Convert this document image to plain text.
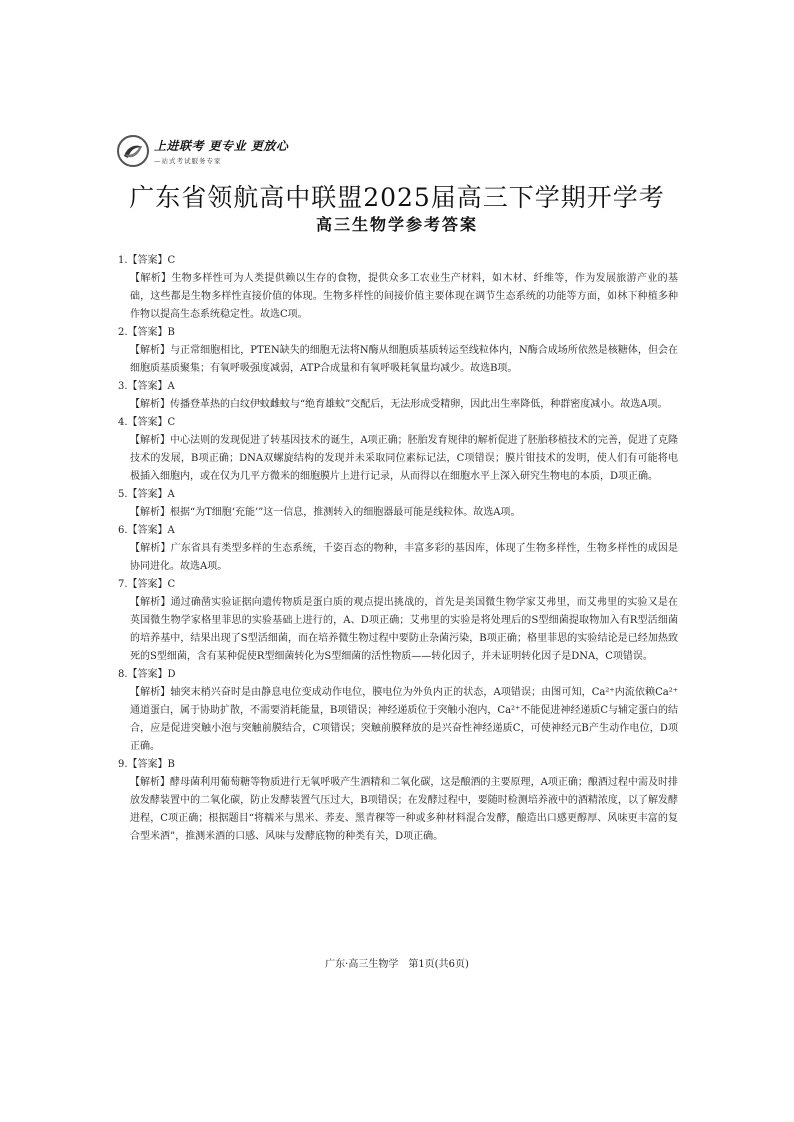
上进联考 更专业 更放心
—站式考试服务专家
广东省领航高中联盟2025届高三下学期开学考
高三生物学参考答案
1.【答案】C
【解析】生物多样性可为人类提供赖以生存的食物，提供众多工农业生产材料，如木材、纤维等，作为发展旅游产业的基础，这些都是生物多样性直接价值的体现。生物多样性的间接价值主要体现在调节生态系统的功能等方面，如林下种植多种作物以提高生态系统稳定性。故选C项。
2.【答案】B
【解析】与正常细胞相比，PTEN缺失的细胞无法将N酶从细胞质基质转运至线粒体内，N酶合成场所依然是核糖体，但会在细胞质基质聚集；有氧呼吸强度减弱，ATP合成量和有氧呼吸耗氧量均减少。故选B项。
3.【答案】A
【解析】传播登革热的白纹伊蚊雌蚊与“绝育雄蚊”交配后，无法形成受精卵，因此出生率降低，种群密度减小。故选A项。
4.【答案】C
【解析】中心法则的发现促进了转基因技术的诞生，A项正确；胚胎发育规律的解析促进了胚胎移植技术的完善，促进了克隆技术的发展，B项正确；DNA双螺旋结构的发现并未采取同位素标记法，C项错误；膜片钳技术的发明，使人们有可能将电极插入细胞内，或在仅为几平方微米的细胞膜片上进行记录，从而得以在细胞水平上深入研究生物电的本质，D项正确。
5.【答案】A
【解析】根据“为T细胞‘充能’”这一信息，推测转入的细胞器最可能是线粒体。故选A项。
6.【答案】A
【解析】广东省具有类型多样的生态系统，千姿百态的物种，丰富多彩的基因库，体现了生物多样性，生物多样性的成因是协同进化。故选A项。
7.【答案】C
【解析】通过确凿实验证据向遗传物质是蛋白质的观点提出挑战的，首先是美国微生物学家艾弗里，而艾弗里的实验又是在英国微生物学家格里菲思的实验基础上进行的，A、D项正确；艾弗里的实验是将处理后的S型细菌提取物加入有R型活细菌的培养基中，结果出现了S型活细菌，而在培养微生物过程中要防止杂菌污染，B项正确；格里菲思的实验结论是已经加热致死的S型细菌，含有某种促使R型细菌转化为S型细菌的活性物质——转化因子，并未证明转化因子是DNA，C项错误。
8.【答案】D
【解析】轴突末梢兴奋时是由静息电位变成动作电位，膜电位为外负内正的状态，A项错误；由图可知，Ca²⁺内流依赖Ca²⁺通道蛋白，属于协助扩散，不需要消耗能量，B项错误；神经递质位于突触小泡内，Ca²⁺不能促进神经递质C与辅定蛋白的结合，应是促进突触小泡与突触前膜结合，C项错误；突触前膜释放的是兴奋性神经递质C，可使神经元B产生动作电位，D项正确。
9.【答案】B
【解析】酵母菌利用葡萄糖等物质进行无氧呼吸产生酒精和二氧化碳，这是酿酒的主要原理，A项正确；酿酒过程中需及时排放发酵装置中的二氧化碳，防止发酵装置气压过大，B项错误；在发酵过程中，要随时检测培养液中的酒精浓度，以了解发酵进程，C项正确；根据题目“将糯米与黑米、荞麦、黑青稞等一种或多种材料混合发酵，酿造出口感更醇厚、风味更丰富的复合型米酒”，推测米酒的口感、风味与发酵底物的种类有关，D项正确。
广东·高三生物学　第1页(共6页)
